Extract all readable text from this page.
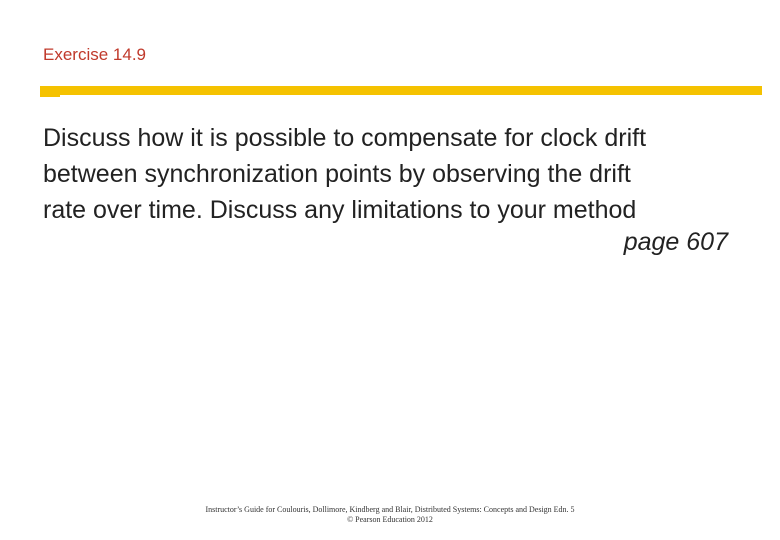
Exercise 14.9

Discuss how it is possible to compensate for clock drift
between synchronization points by observing the drift
rate over time. Discuss any limitations to your method

page 607

Instructor’s Guide for Coulouris, Dollimore, Kindberg and Blair, Distributed Systems: Concepts and Design Edn. 5
© Pearson Education 2012
